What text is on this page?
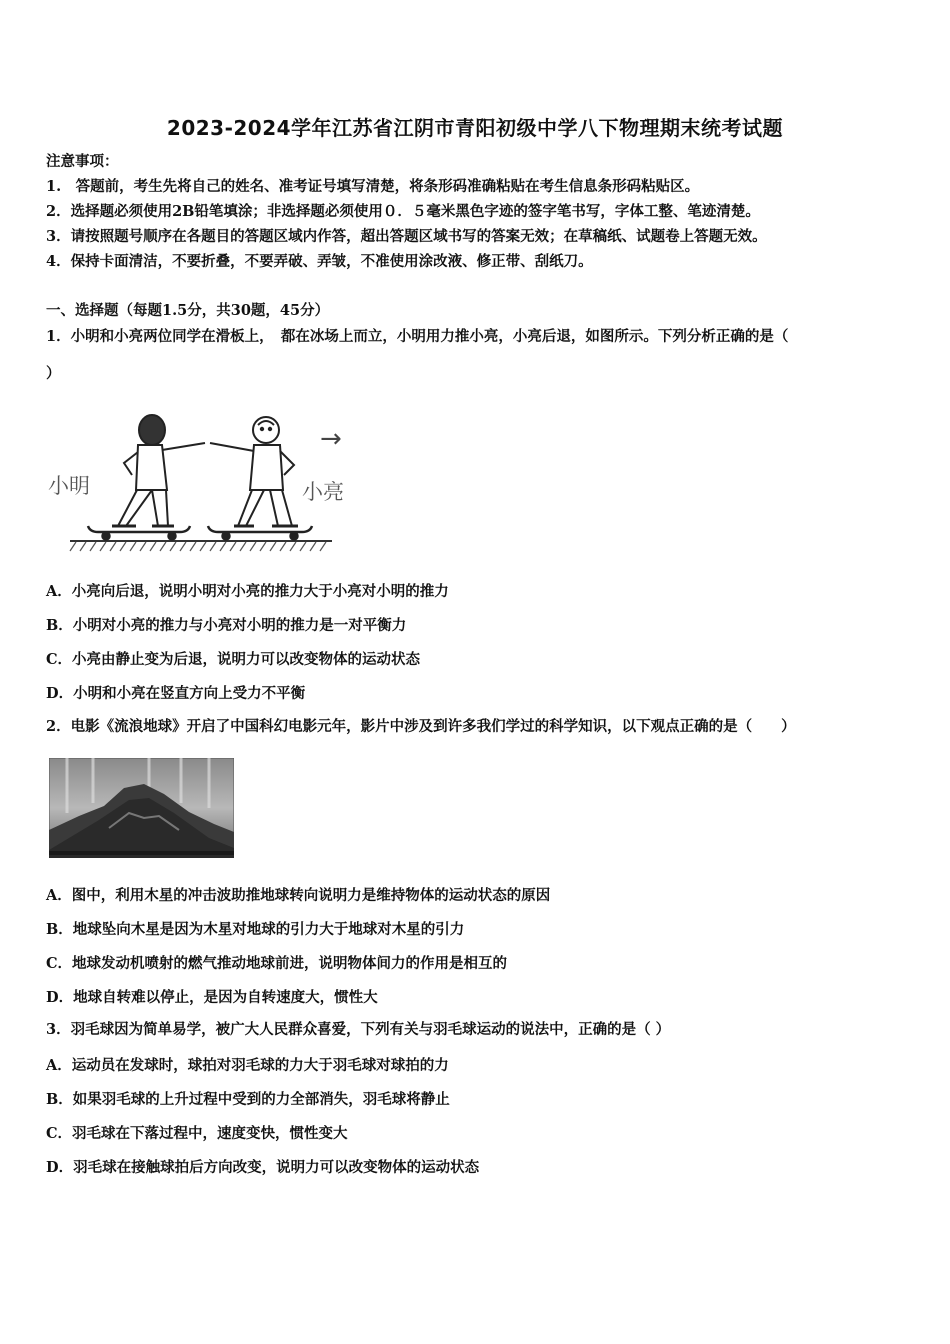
2023-2024学年江苏省江阴市青阳初级中学八下物理期末统考试题
注意事项：
1.　答题前，考生先将自己的姓名、准考证号填写清楚，将条形码准确粘贴在考生信息条形码粘贴区。
2．选择题必须使用2B铅笔填涂；非选择题必须使用０．５毫米黑色字迹的签字笔书写，字体工整、笔迹清楚。
3．请按照题号顺序在各题目的答题区域内作答，超出答题区域书写的答案无效；在草稿纸、试题卷上答题无效。
4．保持卡面清洁，不要折叠，不要弄破、弄皱，不准使用涂改液、修正带、刮纸刀。
一、选择题（每题1.5分，共30题，45分）
1．小明和小亮两位同学在滑板上，　都在冰场上而立，小明用力推小亮，小亮后退，如图所示。下列分析正确的是（
）
小明	小亮
→
A．小亮向后退，说明小明对小亮的推力大于小亮对小明的推力
B．小明对小亮的推力与小亮对小明的推力是一对平衡力
C．小亮由静止变为后退，说明力可以改变物体的运动状态
D．小明和小亮在竖直方向上受力不平衡
2．电影《流浪地球》开启了中国科幻电影元年，影片中涉及到许多我们学过的科学知识，以下观点正确的是（　　）
A．图中，利用木星的冲击波助推地球转向说明力是维持物体的运动状态的原因
B．地球坠向木星是因为木星对地球的引力大于地球对木星的引力
C．地球发动机喷射的燃气推动地球前进，说明物体间力的作用是相互的
D．地球自转难以停止，是因为自转速度大，惯性大
3．羽毛球因为简单易学，被广大人民群众喜爱，下列有关与羽毛球运动的说法中，正确的是（ ）
A．运动员在发球时，球拍对羽毛球的力大于羽毛球对球拍的力
B．如果羽毛球的上升过程中受到的力全部消失，羽毛球将静止
C．羽毛球在下落过程中，速度变快，惯性变大
D．羽毛球在接触球拍后方向改变，说明力可以改变物体的运动状态
